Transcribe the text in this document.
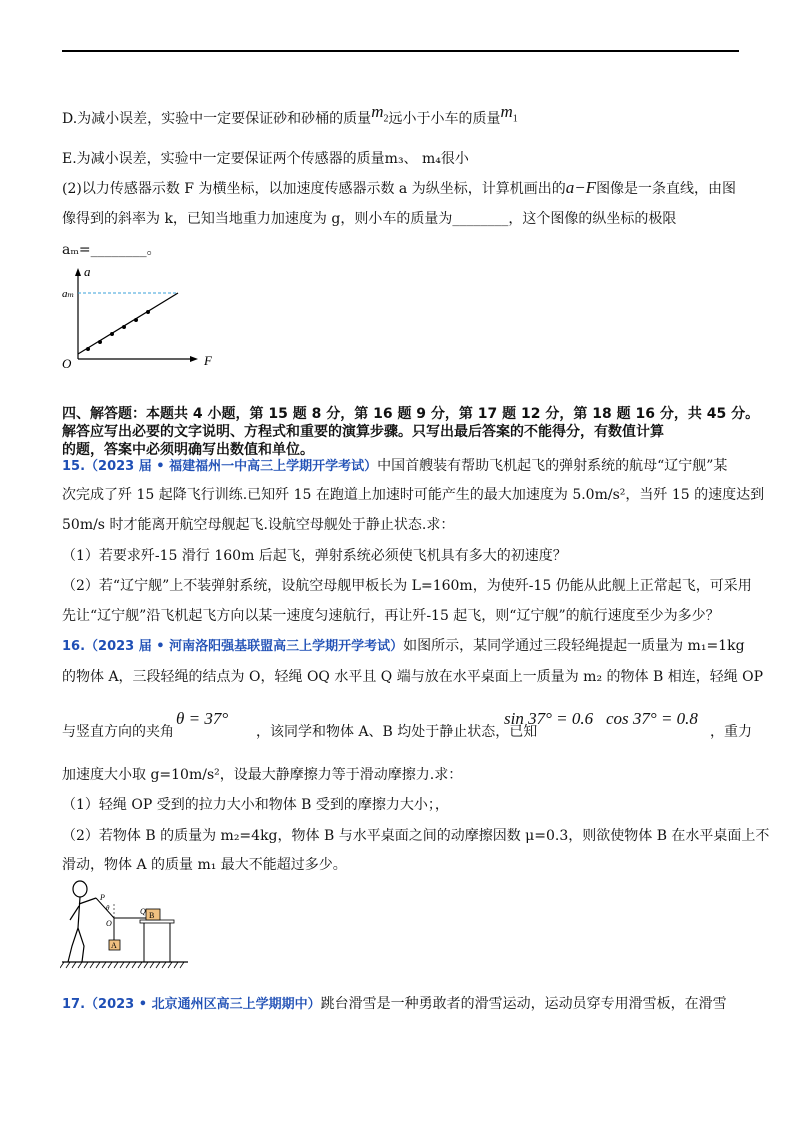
D.为减小误差，实验中一定要保证砂和砂桶的质量$m_2$远小于小车的质量$m_1$
E.为减小误差，实验中一定要保证两个传感器的质量m₃、 m₄很小
(2)以力传感器示数 F 为横坐标，以加速度传感器示数 a 为纵坐标，计算机画出的a−F图像是一条直线，由图
像得到的斜率为 k，已知当地重力加速度为 g，则小车的质量为________，这个图像的纵坐标的极限
aₘ=________。
a
F
O
aₘ
四、解答题：本题共 4 小题，第 15 题 8 分，第 16 题 9 分，第 17 题 12 分，第 18 题 16 分，共 45 分。
解答应写出必要的文字说明、方程式和重要的演算步骤。只写出最后答案的不能得分，有数值计算
的题，答案中必须明确写出数值和单位。
15.（2023 届 • 福建福州一中高三上学期开学考试）中国首艘装有帮助飞机起飞的弹射系统的航母“辽宁舰”某
次完成了歼 15 起降飞行训练.已知歼 15 在跑道上加速时可能产生的最大加速度为 5.0m/s²，当歼 15 的速度达到
50m/s 时才能离开航空母舰起飞.设航空母舰处于静止状态.求：
（1）若要求歼-15 滑行 160m 后起飞，弹射系统必须使飞机具有多大的初速度？
（2）若“辽宁舰”上不装弹射系统，设航空母舰甲板长为 L=160m，为使歼-15 仍能从此舰上正常起飞，可采用
先让“辽宁舰”沿飞机起飞方向以某一速度匀速航行，再让歼-15 起飞，则“辽宁舰”的航行速度至少为多少？
16.（2023 届 • 河南洛阳强基联盟高三上学期开学考试）如图所示，某同学通过三段轻绳提起一质量为 m₁=1kg
的物体 A，三段轻绳的结点为 O，轻绳 OQ 水平且 Q 端与放在水平桌面上一质量为 m₂ 的物体 B 相连，轻绳 OP
与竖直方向的夹角
θ = 37°
，该同学和物体 A、B 均处于静止状态，已知
sin 37° = 0.6 cos 37° = 0.8
，重力
加速度大小取 g=10m/s²，设最大静摩擦力等于滑动摩擦力.求：
（1）轻绳 OP 受到的拉力大小和物体 B 受到的摩擦力大小；，
（2）若物体 B 的质量为 m₂=4kg，物体 B 与水平桌面之间的动摩擦因数 μ=0.3，则欲使物体 B 在水平桌面上不
滑动，物体 A 的质量 m₁ 最大不能超过多少。
P
θ
O
Q
A
B
17.（2023 • 北京通州区高三上学期期中）跳台滑雪是一种勇敢者的滑雪运动，运动员穿专用滑雪板，在滑雪
